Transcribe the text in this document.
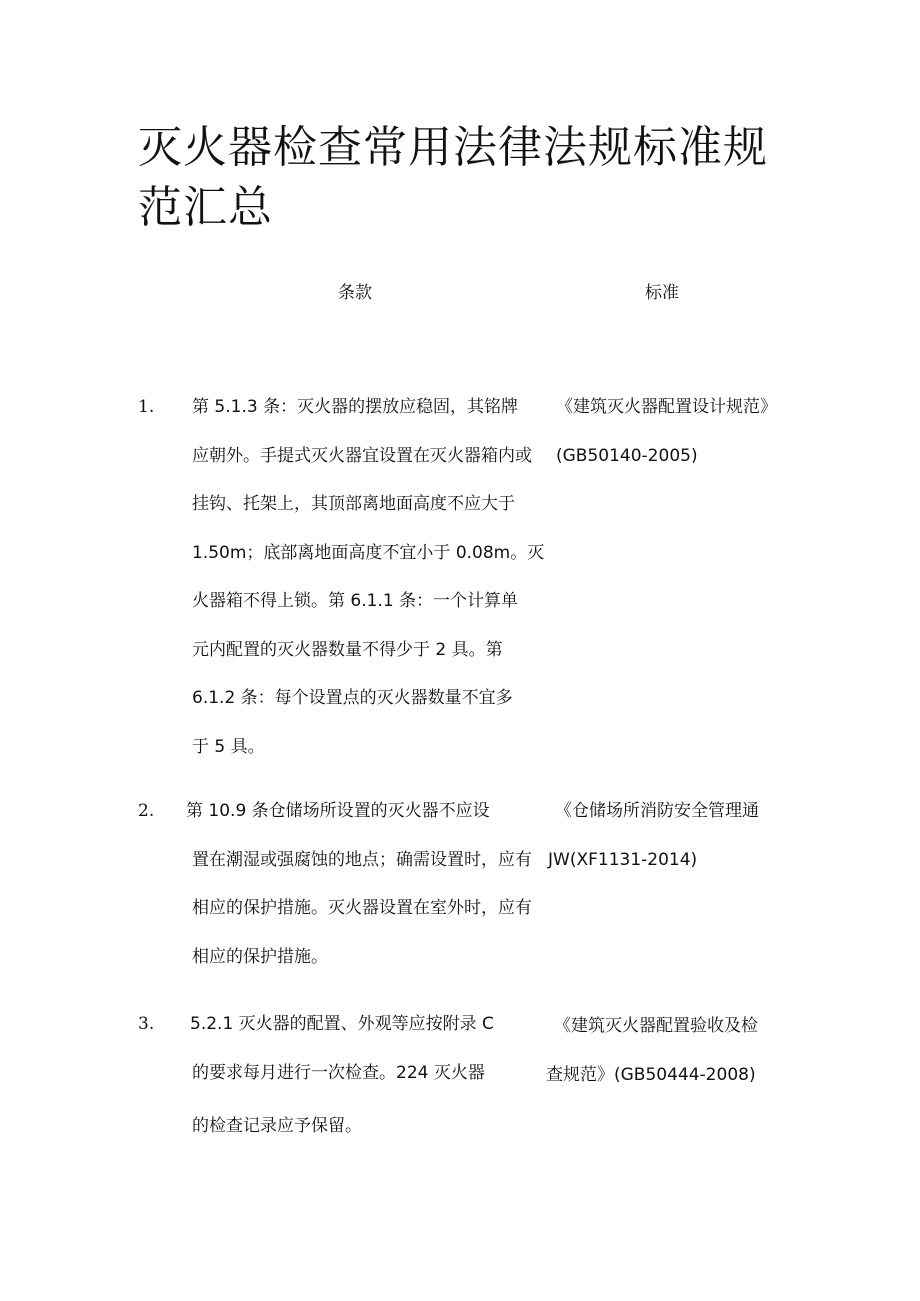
灭火器检查常用法律法规标准规范汇总
条款	标准
1. 第 5.1.3 条：灭火器的摆放应稳固，其铭牌
应朝外。手提式灭火器宜设置在灭火器箱内或
挂钩、托架上，其顶部离地面高度不应大于
1.50m；底部离地面高度不宜小于 0.08m。灭
火器箱不得上锁。第 6.1.1 条：一个计算单
元内配置的灭火器数量不得少于 2 具。第
6.1.2 条：每个设置点的灭火器数量不宜多
于 5 具。
《建筑灭火器配置设计规范》
(GB50140-2005)
2. 第 10.9 条仓储场所设置的灭火器不应设
置在潮湿或强腐蚀的地点；确需设置时，应有
相应的保护措施。灭火器设置在室外时，应有
相应的保护措施。
《仓储场所消防安全管理通
JW(XF1131-2014)
3. 5.2.1 灭火器的配置、外观等应按附录 C
的要求每月进行一次检查。224 灭火器
的检查记录应予保留。
《建筑灭火器配置验收及检
查规范》(GB50444-2008)
